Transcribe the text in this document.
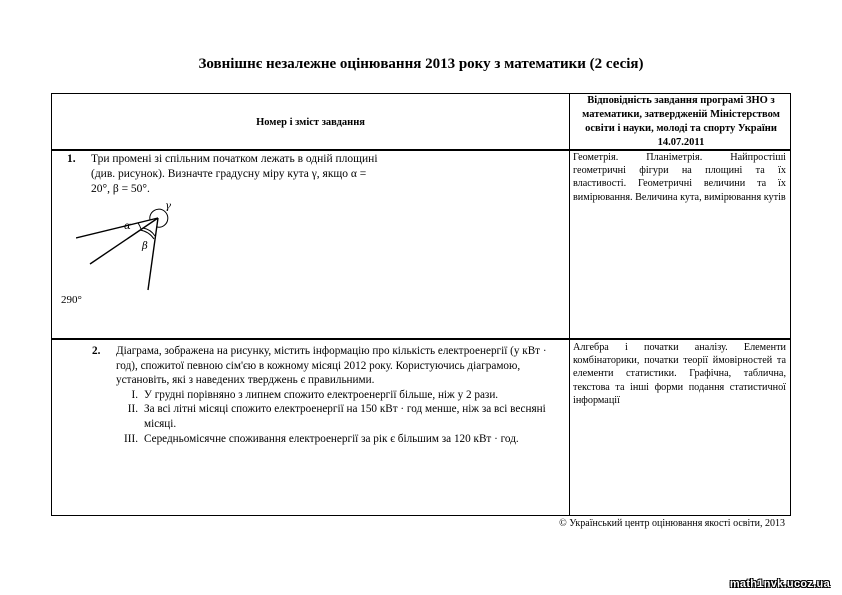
Зовнішнє незалежне оцінювання 2013 року з математики (2 сесія)
Номер і зміст завдання
Відповідність завдання програмі ЗНО з математики, затвердженій Міністерством освіти і науки, молоді та спорту України 14.07.2011
1. Три промені зі спільним початком лежать в одній площині (див. рисунок). Визначте градусну міру кута γ, якщо α = 20°, β = 50°.
α
β
γ
290°
Геометрія. Планіметрія. Найпростіші геометричні фігури на площині та їх властивості. Геометричні величини та їх вимірювання. Величина кута, вимірювання кутів
2. Діаграма, зображена на рисунку, містить інформацію про кількість електроенергії (у кВт · год), спожитої певною сім'єю в кожному місяці 2012 року. Користуючись діаграмою, установіть, які з наведених тверджень є правильними.
I. У грудні порівняно з липнем спожито електроенергії більше, ніж у 2 рази.
II. За всі літні місяці спожито електроенергії на 150 кВт · год менше, ніж за всі весняні місяці.
III. Середньомісячне споживання електроенергії за рік є більшим за 120 кВт · год.
Алгебра і початки аналізу. Елементи комбінаторики, початки теорії ймовірностей та елементи статистики. Графічна, таблична, текстова та інші форми подання статистичної інформації
© Український центр оцінювання якості освіти, 2013
math1nvk.ucoz.ua
